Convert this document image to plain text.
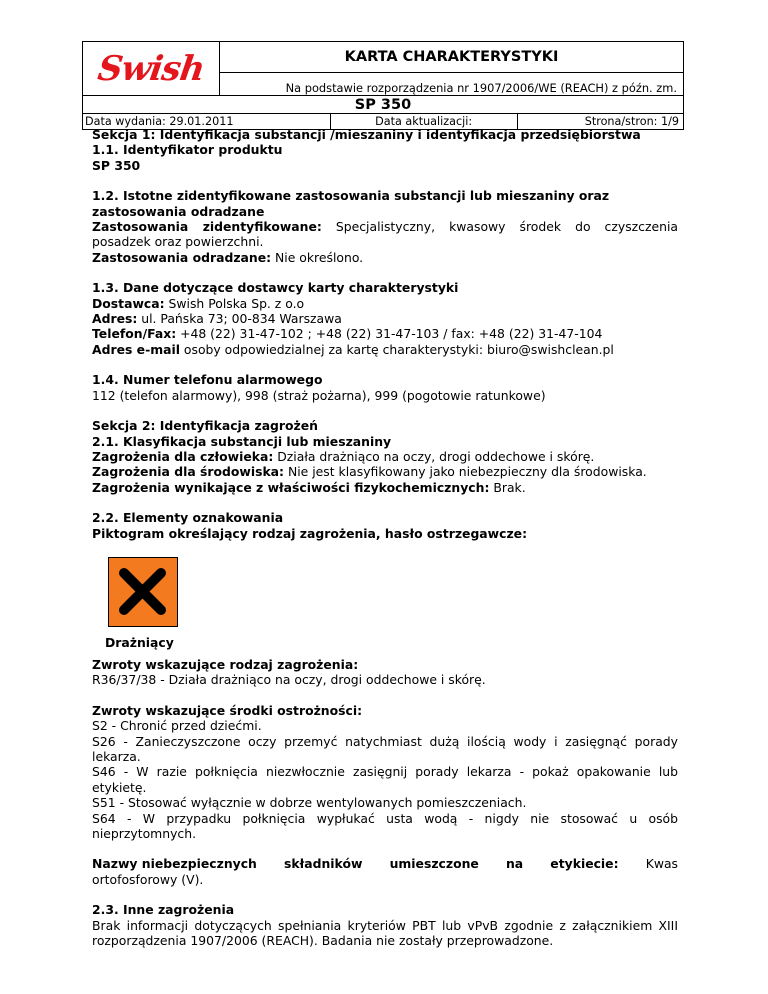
Swish	KARTA CHARAKTERYSTYKI		
	Na podstawie rozporządzenia nr 1907/2006/WE (REACH) z późn. zm.		
SP 350			
Data wydania: 29.01.2011		Data aktualizacji:	Strona/stron: 1/9

Sekcja 1: Identyfikacja substancji /mieszaniny i identyfikacja przedsiębiorstwa

1.1. Identyfikator produktu

SP 350

1.2. Istotne zidentyfikowane zastosowania substancji lub mieszaniny oraz zastosowania odradzane

Zastosowania zidentyfikowane: Specjalistyczny, kwasowy środek do czyszczenia posadzek oraz powierzchni.

Zastosowania odradzane: Nie określono.

1.3. Dane dotyczące dostawcy karty charakterystyki

Dostawca: Swish Polska Sp. z o.o

Adres: ul. Pańska 73; 00-834 Warszawa

Telefon/Fax: +48 (22) 31-47-102 ; +48 (22) 31-47-103 / fax: +48 (22) 31-47-104

Adres e-mail osoby odpowiedzialnej za kartę charakterystyki: biuro@swishclean.pl

1.4. Numer telefonu alarmowego

112 (telefon alarmowy), 998 (straż pożarna), 999 (pogotowie ratunkowe)

Sekcja 2: Identyfikacja zagrożeń

2.1. Klasyfikacja substancji lub mieszaniny

Zagrożenia dla człowieka: Działa drażniąco na oczy, drogi oddechowe i skórę.

Zagrożenia dla środowiska: Nie jest klasyfikowany jako niebezpieczny dla środowiska.

Zagrożenia wynikające z właściwości fizykochemicznych: Brak.

2.2. Elementy oznakowania

Piktogram określający rodzaj zagrożenia, hasło ostrzegawcze:

Drażniący

Zwroty wskazujące rodzaj zagrożenia:

R36/37/38 - Działa drażniąco na oczy, drogi oddechowe i skórę.

Zwroty wskazujące środki ostrożności:

S2 - Chronić przed dziećmi.

S26 - Zanieczyszczone oczy przemyć natychmiast dużą ilością wody i zasięgnąć porady lekarza.

S46 - W razie połknięcia niezwłocznie zasięgnij porady lekarza - pokaż opakowanie lub etykietę.

S51 - Stosować wyłącznie w dobrze wentylowanych pomieszczeniach.

S64 - W przypadku połknięcia wypłukać usta wodą - nigdy nie stosować u osób nieprzytomnych.

Nazwy niebezpiecznych składników umieszczone na etykiecie: Kwas

ortofosforowy (V).

2.3. Inne zagrożenia

Brak informacji dotyczących spełniania kryteriów PBT lub vPvB zgodnie z załącznikiem XIII rozporządzenia 1907/2006 (REACH). Badania nie zostały przeprowadzone.
